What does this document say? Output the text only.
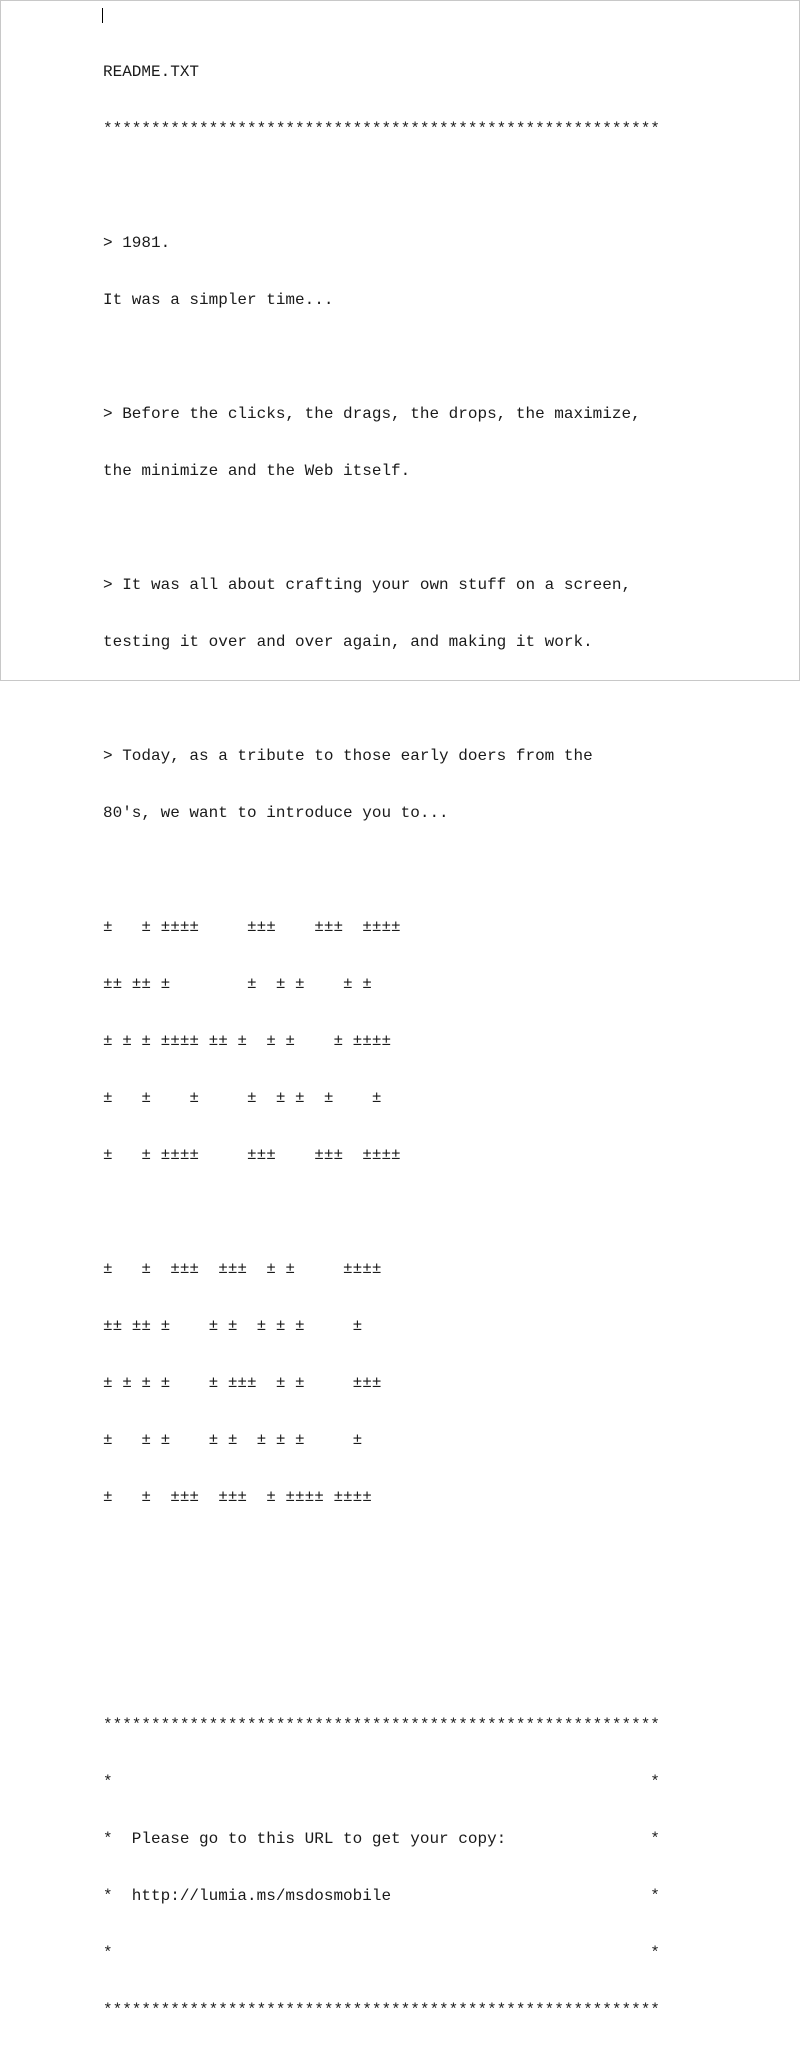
README.TXT

**********************************************************

> 1981.

It was a simpler time...

> Before the clicks, the drags, the drops, the maximize,

the minimize and the Web itself.

> It was all about crafting your own stuff on a screen,

testing it over and over again, and making it work.

> Today, as a tribute to those early doers from the

80's, we want to introduce you to...

±   ± ±±±±     ±±±    ±±±  ±±±±

±± ±± ±        ±  ± ±    ± ±

± ± ± ±±±± ±± ±  ± ±    ± ±±±±

±   ±    ±     ±  ± ±  ±    ±

±   ± ±±±±     ±±±    ±±±  ±±±±

±   ±  ±±±  ±±±  ± ±     ±±±±

±± ±± ±    ± ±  ± ± ±     ±

± ± ± ±    ± ±±±  ± ±     ±±±

±   ± ±    ± ±  ± ± ±     ±

±   ±  ±±±  ±±±  ± ±±±± ±±±±

**********************************************************

*                                                        *

*  Please go to this URL to get your copy:               *

*  http://lumia.ms/msdosmobile                           *

*                                                        *

**********************************************************
